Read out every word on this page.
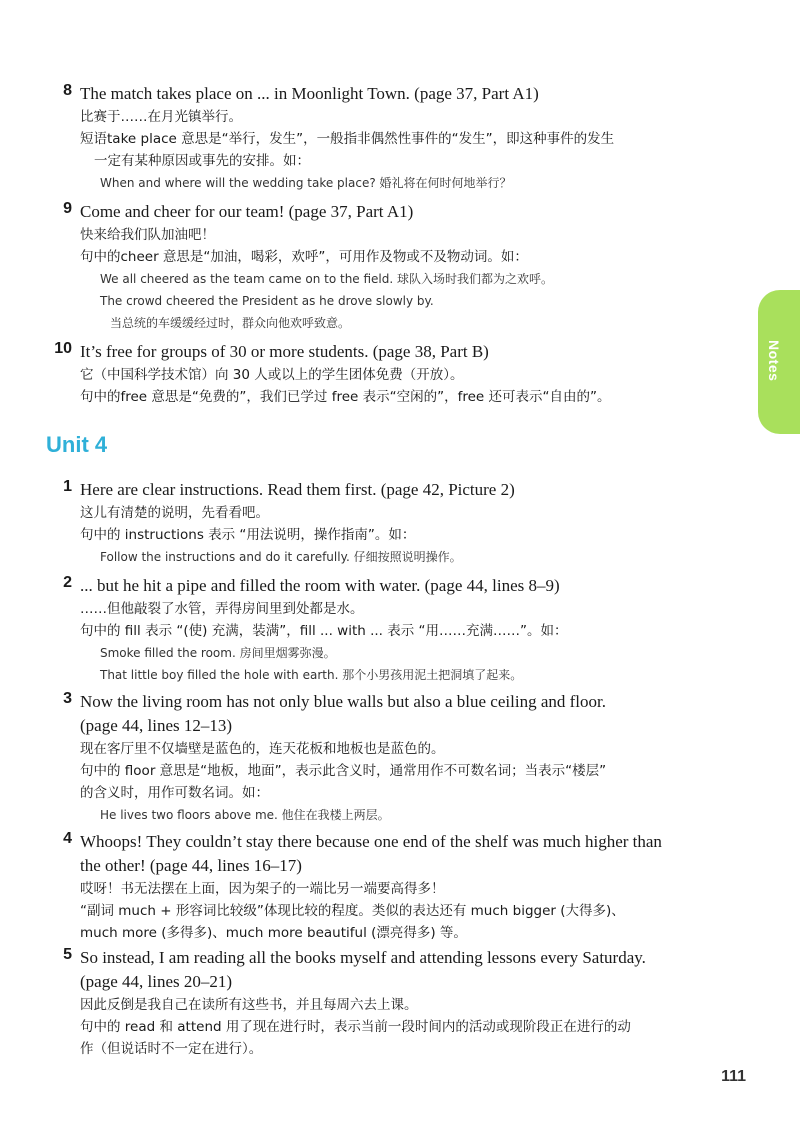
8 The match takes place on ... in Moonlight Town. (page 37, Part A1)
比赛于……在月光镇举行。
短语take place 意思是“举行，发生”，一般指非偶然性事件的“发生”，即这种事件的发生
一定有某种原因或事先的安排。如：
When and where will the wedding take place? 婚礼将在何时何地举行？
9 Come and cheer for our team! (page 37, Part A1)
快来给我们队加油吧！
句中的cheer 意思是“加油，喝彩，欢呼”，可用作及物或不及物动词。如：
We all cheered as the team came on to the field. 球队入场时我们都为之欢呼。
The crowd cheered the President as he drove slowly by.
当总统的车缓缓经过时，群众向他欢呼致意。
10 It’s free for groups of 30 or more students. (page 38, Part B)
它（中国科学技术馆）向 30 人或以上的学生团体免费（开放）。
句中的free 意思是“免费的”，我们已学过 free 表示“空闲的”，free 还可表示“自由的”。
Unit 4
1 Here are clear instructions. Read them first. (page 42, Picture 2)
这儿有清楚的说明，先看看吧。
句中的 instructions 表示 “用法说明，操作指南”。如：
Follow the instructions and do it carefully. 仔细按照说明操作。
2 ... but he hit a pipe and filled the room with water. (page 44, lines 8–9)
……但他敲裂了水管，弄得房间里到处都是水。
句中的 fill 表示 “(使) 充满，装满”，fill ... with ... 表示 “用……充满……”。如：
Smoke filled the room. 房间里烟雾弥漫。
That little boy filled the hole with earth. 那个小男孩用泥土把洞填了起来。
3 Now the living room has not only blue walls but also a blue ceiling and floor.
(page 44, lines 12–13)
现在客厅里不仅墙壁是蓝色的，连天花板和地板也是蓝色的。
句中的 floor 意思是“地板，地面”，表示此含义时，通常用作不可数名词；当表示“楼层”
的含义时，用作可数名词。如：
He lives two floors above me. 他住在我楼上两层。
4 Whoops! They couldn’t stay there because one end of the shelf was much higher than
the other! (page 44, lines 16–17)
哎呀！书无法摆在上面，因为架子的一端比另一端要高得多！
“副词 much + 形容词比较级”体现比较的程度。类似的表达还有 much bigger (大得多)、
much more (多得多)、much more beautiful (漂亮得多) 等。
5 So instead, I am reading all the books myself and attending lessons every Saturday.
(page 44, lines 20–21)
因此反倒是我自己在读所有这些书，并且每周六去上课。
句中的 read 和 attend 用了现在进行时，表示当前一段时间内的活动或现阶段正在进行的动
作（但说话时不一定在进行）。
Notes
111
